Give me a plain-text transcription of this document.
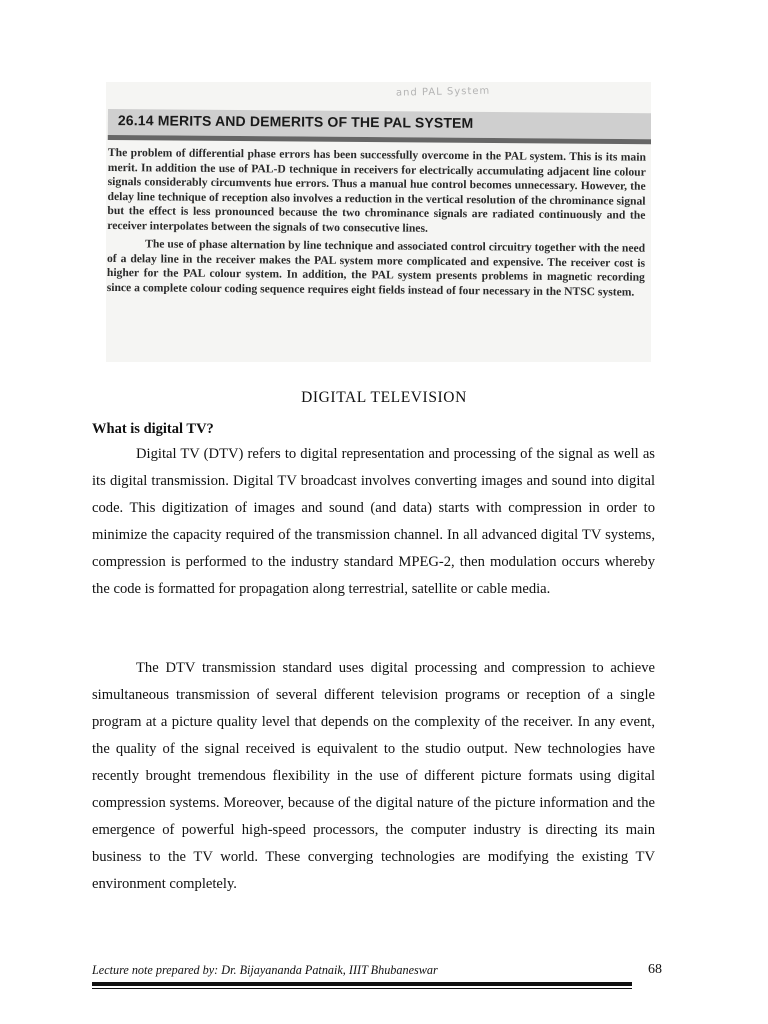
and PAL System
26.14 MERITS AND DEMERITS OF THE PAL SYSTEM

The problem of differential phase errors has been successfully overcome in the PAL system. This is its main merit. In addition the use of PAL-D technique in receivers for electrically accumulating adjacent line colour signals considerably circumvents hue errors. Thus a manual hue control becomes unnecessary. However, the delay line technique of reception also involves a reduction in the vertical resolution of the chrominance signal but the effect is less pronounced because the two chrominance signals are radiated continuously and the receiver interpolates between the signals of two consecutive lines.

The use of phase alternation by line technique and associated control circuitry together with the need of a delay line in the receiver makes the PAL system more complicated and expensive. The receiver cost is higher for the PAL colour system. In addition, the PAL system presents problems in magnetic recording since a complete colour coding sequence requires eight fields instead of four necessary in the NTSC system.

DIGITAL TELEVISION
What is digital TV?

Digital TV (DTV) refers to digital representation and processing of the signal as well as its digital transmission. Digital TV broadcast involves converting images and sound into digital code. This digitization of images and sound (and data) starts with compression in order to minimize the capacity required of the transmission channel. In all advanced digital TV systems, compression is performed to the industry standard MPEG-2, then modulation occurs whereby the code is formatted for propagation along terrestrial, satellite or cable media.

The DTV transmission standard uses digital processing and compression to achieve simultaneous transmission of several different television programs or reception of a single program at a picture quality level that depends on the complexity of the receiver. In any event, the quality of the signal received is equivalent to the studio output. New technologies have recently brought tremendous flexibility in the use of different picture formats using digital compression systems. Moreover, because of the digital nature of the picture information and the emergence of powerful high-speed processors, the computer industry is directing its main business to the TV world. These converging technologies are modifying the existing TV environment completely.

Lecture note prepared by: Dr. Bijayananda Patnaik, IIIT Bhubaneswar	68
